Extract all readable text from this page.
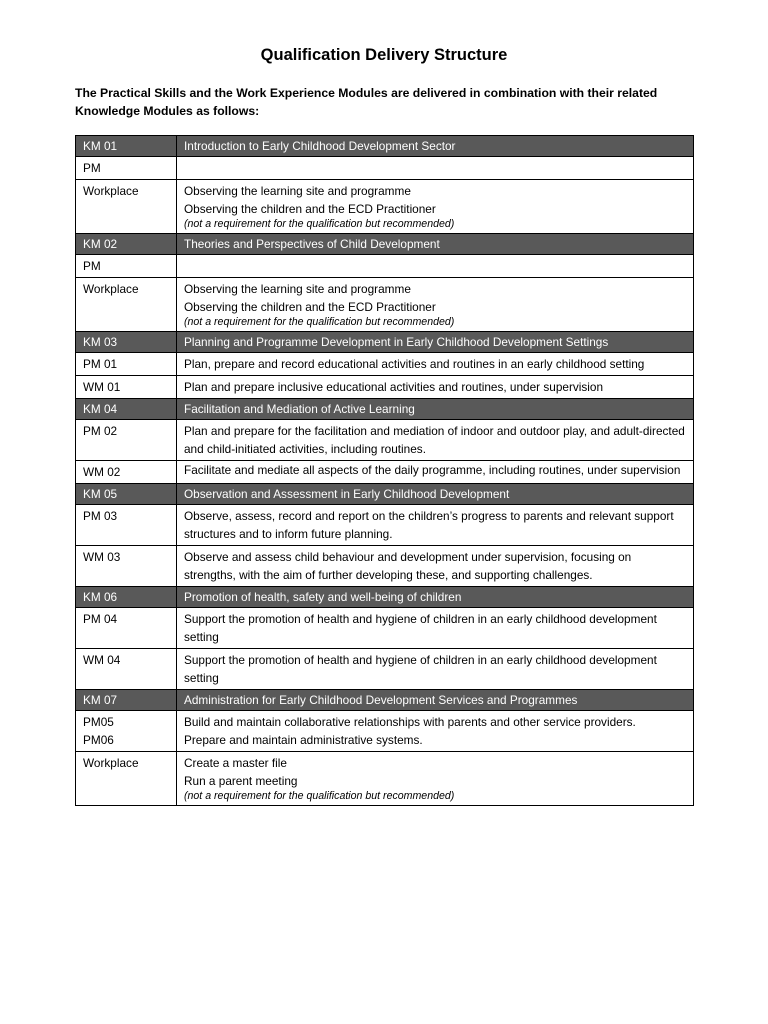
Qualification Delivery Structure
The Practical Skills and the Work Experience Modules are delivered in combination with their related Knowledge Modules as follows:
KM 01	Introduction to Early Childhood Development Sector
PM	
Workplace	Observing the learning site and programme
Observing the children and the ECD Practitioner
(not a requirement for the qualification but recommended)

KM 02	Theories and Perspectives of Child Development
PM	
Workplace	Observing the learning site and programme
Observing the children and the ECD Practitioner
(not a requirement for the qualification but recommended)

KM 03	Planning and Programme Development in Early Childhood Development Settings
PM 01	Plan, prepare and record educational activities and routines in an early childhood setting

WM 01	Plan and prepare inclusive educational activities and routines, under supervision

KM 04	Facilitation and Mediation of Active Learning
PM 02	Plan and prepare for the facilitation and mediation of indoor and outdoor play, and adult-directed and child-initiated activities, including routines.

WM 02	Facilitate and mediate all aspects of the daily programme, including routines, under supervision

KM 05	Observation and Assessment in Early Childhood Development
PM 03	Observe, assess, record and report on the children’s progress to parents and relevant support structures and to inform future planning.

WM 03	Observe and assess child behaviour and development under supervision, focusing on strengths, with the aim of further developing these, and supporting challenges.

KM 06	Promotion of health, safety and well-being of children
PM 04	Support the promotion of health and hygiene of children in an early childhood development setting

WM 04	Support the promotion of health and hygiene of children in an early childhood development setting

KM 07	Administration for Early Childhood Development Services and Programmes

PM05
PM06	Build and maintain collaborative relationships with parents and other service providers.
Prepare and maintain administrative systems.

Workplace	Create a master file
Run a parent meeting
(not a requirement for the qualification but recommended)
